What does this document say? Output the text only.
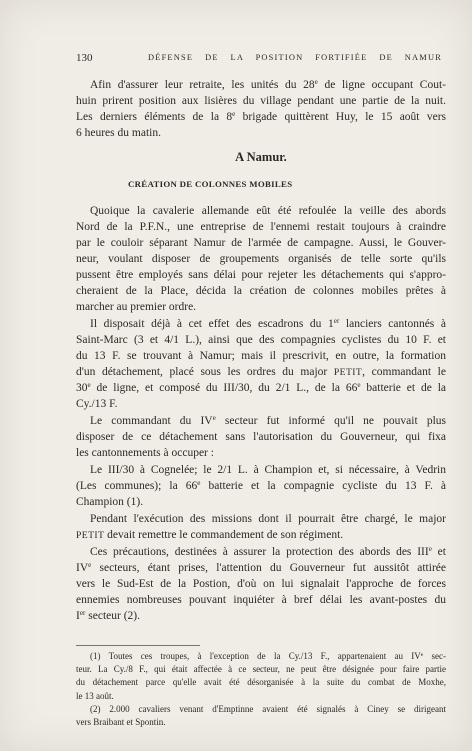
130	DÉFENSE DE LA POSITION FORTIFIÉE DE NAMUR
Afin d'assurer leur retraite, les unités du 28e de ligne occupant Cout-
huin prirent position aux lisières du village pendant une partie de la nuit.
Les derniers éléments de la 8e brigade quittèrent Huy, le 15 août vers
6 heures du matin.
A Namur.
CRÉATION DE COLONNES MOBILES
Quoique la cavalerie allemande eût été refoulée la veille des abords
Nord de la P.F.N., une entreprise de l'ennemi restait toujours à craindre
par le couloir séparant Namur de l'armée de campagne. Aussi, le Gouver-
neur, voulant disposer de groupements organisés de telle sorte qu'ils
pussent être employés sans délai pour rejeter les détachements qui s'appro-
cheraient de la Place, décida la création de colonnes mobiles prêtes à
marcher au premier ordre.
Il disposait déjà à cet effet des escadrons du 1er lanciers cantonnés à
Saint-Marc (3 et 4/1 L.), ainsi que des compagnies cyclistes du 10 F. et
du 13 F. se trouvant à Namur; mais il prescrivit, en outre, la formation
d'un détachement, placé sous les ordres du major PETIT, commandant le
30e de ligne, et composé du III/30, du 2/1 L., de la 66e batterie et de la
Cy./13 F.
Le commandant du IVe secteur fut informé qu'il ne pouvait plus
disposer de ce détachement sans l'autorisation du Gouverneur, qui fixa
les cantonnements à occuper :
Le III/30 à Cognelée; le 2/1 L. à Champion et, si nécessaire, à Vedrin
(Les communes); la 66e batterie et la compagnie cycliste du 13 F. à
Champion (1).
Pendant l'exécution des missions dont il pourrait être chargé, le major
PETIT devait remettre le commandement de son régiment.
Ces précautions, destinées à assurer la protection des abords des IIIe et
IVe secteurs, étant prises, l'attention du Gouverneur fut aussitôt attirée
vers le Sud-Est de la Postion, d'où on lui signalait l'approche de forces
ennemies nombreuses pouvant inquiéter à bref délai les avant-postes du
Ier secteur (2).
(1) Toutes ces troupes, à l'exception de la Cy./13 F., appartenaient au IVe sec-
teur. La Cy./8 F., qui était affectée à ce secteur, ne peut être désignée pour faire partie
du détachement parce qu'elle avait été désorganisée à la suite du combat de Moxhe,
le 13 août.
(2) 2.000 cavaliers venant d'Emptinne avaient été signalés à Ciney se dirigeant
vers Braibant et Spontin.
